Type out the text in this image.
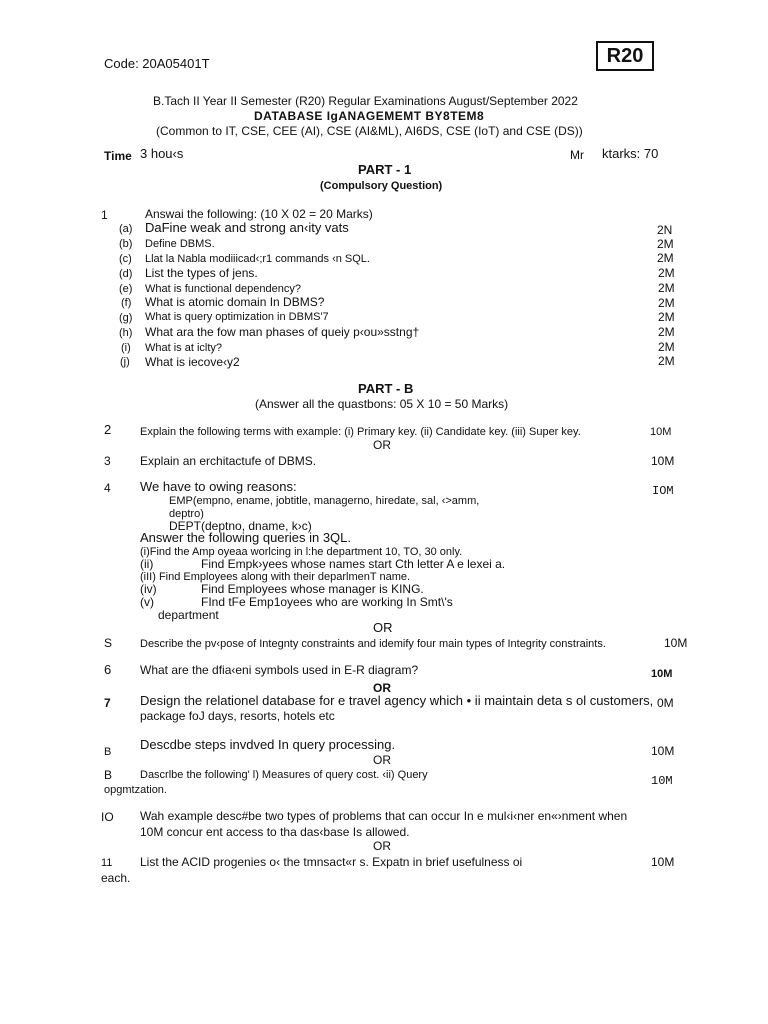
Code: 20A05401T	R20
B.Tach II Year II Semester (R20) Regular Examinations August/September 2022
DATABASE IgANAGEMEMT BY8TEM8
(Common to IT, CSE, CEE (AI), CSE (AI&ML), AI6DS, CSE (IoT) and CSE (DS))
Time 3 hou‹s	Mr ktarks: 70
PART - 1
(Compulsory Question)
1	Answai the following: (10 X 02 = 20 Marks)
(a) DaFine weak and strong an‹ity vats	2N
(b) Define DBMS.	2M
(c) Llat la Nabla modiiicad‹;r1 commands ‹n SQL.	2M
(d) List the types of jens.	2M
(e) What is functional dependency?	2M
(f) What is atomic domain In DBMS?	2M
(g) What is query optimization in DBMS'7	2M
(h) What ara the fow man phases of queiy p‹ou»sstng†	2M
(i) What is at iclty?	2M
(j) What is iecove‹y2	2M
PART - B
(Answer all the quastbons: 05 X 10 = 50 Marks)
2	Explain the following terms with example: (i) Primary key. (ii) Candidate key. (iii) Super key.	10M
OR
3 Explain an erchitactufe of DBMS.	10M
4 We have to owing reasons:	IOM
EMP(empno, ename, jobtitle, managerno, hiredate, sal, ‹>amm,
deptro)
DEPT(deptno, dname, k›c)
Answer the following queries in 3QL.
(i)Find the Amp oyeaa worlcing in l:he department 10, TO, 30 only.
(ii)	Find Empk›yees whose names start Cth letter A e lexei a.
(iII) Find Employees along with their deparlmenT name.
(iv)	Find Employees whose manager is KING.
(v)	FInd tFe Emp1oyees who are working In Smt\'s
department
OR
S	Describe the pv‹pose of Integnty constraints and idemify four main types of Integrity constraints.	10M
6 What are the dfia‹eni symbols used in E-R diagram?	10M
OR
7 Design the relationel database for e travel agency which • ii maintain deta s ol customers, 0M
package foJ days, resorts, hotels etc
B Descdbe steps invdved In query processing.	10M
OR
B	Dascrlbe the following' l) Measures of query cost. ‹ii) Query	10M
opgmtzation.
IO Wah example desc#be two types of problems that can occur In e mul‹i‹ner en«›nment when
10M concur ent access to tha das‹base Is allowed.
OR
11 List the ACID progenies o‹ the tmnsact«r s. Expatn in brief usefulness oi	10M
each.
